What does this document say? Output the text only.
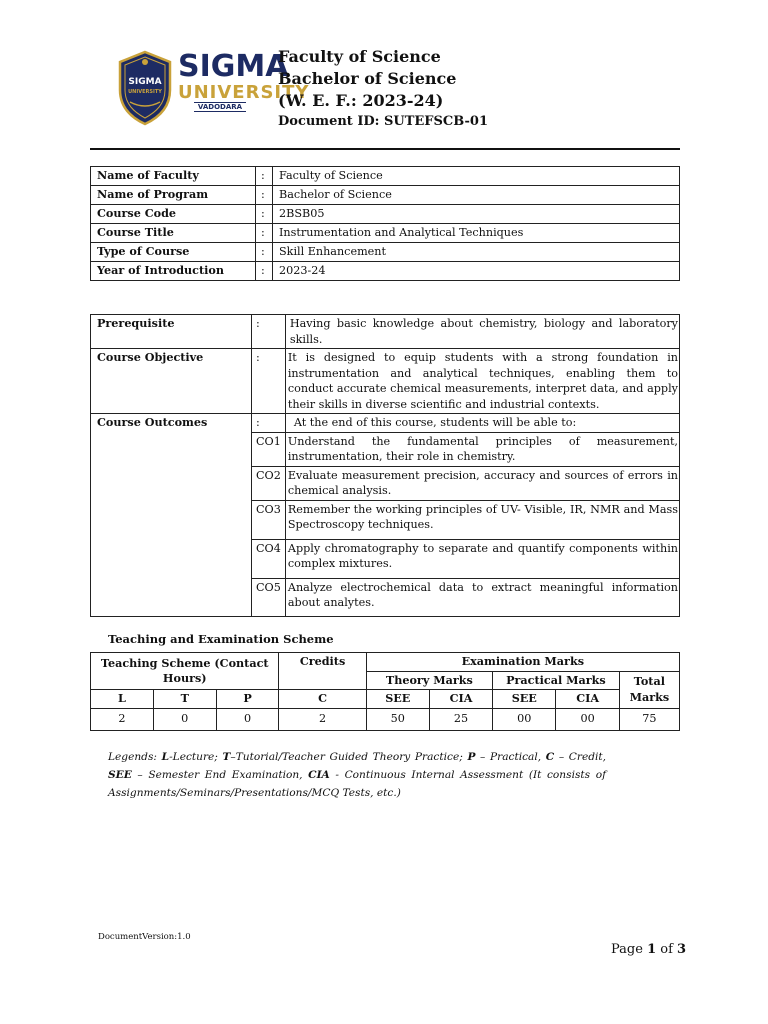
SIGMA
UNIVERSITY
SIGMA
UNIVERSITY
VADODARA
Faculty of Science
Bachelor of Science
(W. E. F.: 2023-24)
Document ID: SUTEFSCB-01
Name of Faculty	:	Faculty of Science
Name of Program	:	Bachelor of Science
Course Code	:	2BSB05
Course Title	:	Instrumentation and Analytical Techniques
Type of Course	:	Skill Enhancement
Year of Introduction	:	2023-24
Prerequisite	:	Having basic knowledge about chemistry, biology and laboratory skills.
Course Objective	:	It is designed to equip students with a strong foundation in instrumentation and analytical techniques, enabling them to conduct accurate chemical measurements, interpret data, and apply their skills in diverse scientific and industrial contexts.
Course Outcomes	:	At the end of this course, students will be able to:
	CO1	Understand the fundamental principles of measurement, instrumentation, their role in chemistry.
	CO2	Evaluate measurement precision, accuracy and sources of errors in chemical analysis.
	CO3	Remember the working principles of UV- Visible, IR, NMR and Mass Spectroscopy techniques.
	CO4	Apply chromatography to separate and quantify components within complex mixtures.
	CO5	Analyze electrochemical data to extract meaningful information about analytes.
Teaching and Examination Scheme
Teaching Scheme (Contact Hours)			Credits	Examination Marks				
				Theory Marks		Practical Marks		Total Marks
L	T	P	C	SEE	CIA	SEE	CIA	
2	0	0	2	50	25	00	00	75
Legends: L-Lecture; T–Tutorial/Teacher Guided Theory Practice; P – Practical, C – Credit, SEE – Semester End Examination, CIA - Continuous Internal Assessment (It consists of Assignments/Seminars/Presentations/MCQ Tests, etc.)
DocumentVersion:1.0
Page 1 of 3
